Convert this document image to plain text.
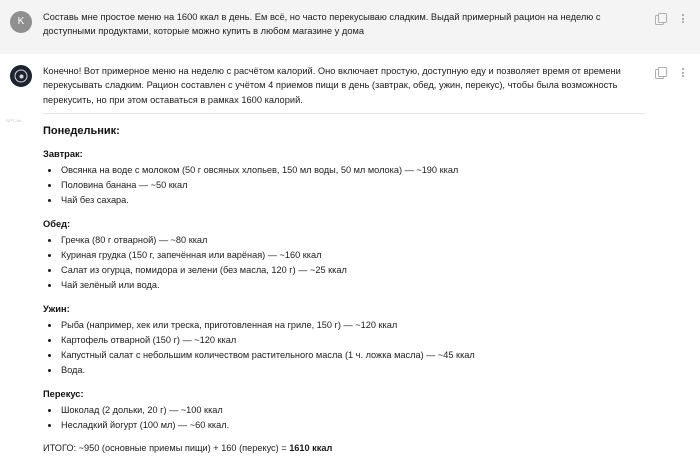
K	Составь мне простое меню на 1600 ккал в день. Ем всё, но часто перекусываю сладким. Выдай примерный рацион на неделю с доступными продуктами, которые можно купить в любом магазине у дома

GPT-4o

Конечно! Вот примерное меню на неделю с расчётом калорий. Оно включает простую, доступную еду и позволяет время от времени перекусывать сладким. Рацион составлен с учётом 4 приемов пищи в день (завтрак, обед, ужин, перекус), чтобы была возможность перекусить, но при этом оставаться в рамках 1600 калорий.

Понедельник:
Завтрак:
• Овсянка на воде с молоком (50 г овсяных хлопьев, 150 мл воды, 50 мл молока) — ~190 ккал
• Половина банана — ~50 ккал
• Чай без сахара.
Обед:
• Гречка (80 г отварной) — ~80 ккал
• Куриная грудка (150 г, запечённая или варёная) — ~160 ккал
• Салат из огурца, помидора и зелени (без масла, 120 г) — ~25 ккал
• Чай зелёный или вода.
Ужин:
• Рыба (например, хек или треска, приготовленная на гриле, 150 г) — ~120 ккал
• Картофель отварной (150 г) — ~120 ккал
• Капустный салат с небольшим количеством растительного масла (1 ч. ложка масла) — ~45 ккал
• Вода.
Перекус:
• Шоколад (2 дольки, 20 г) — ~100 ккал
• Несладкий йогурт (100 мл) — ~60 ккал.

ИТОГО: ~950 (основные приемы пищи) + 160 (перекус) = 1610 ккал
